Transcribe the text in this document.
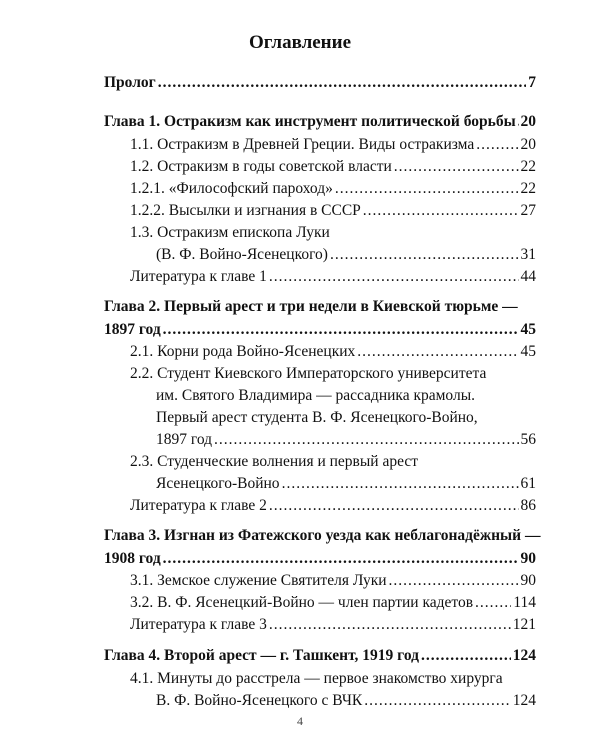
Оглавление
Пролог .....	7
Глава 1. Остракизм как инструмент политической борьбы ..... 20
1.1. Остракизм в Древней Греции. Виды остракизма .....	20
1.2. Остракизм в годы советской власти .....	22
1.2.1. «Философский пароход» .....	22
1.2.2. Высылки и изгнания в СССР .....	27
1.3. Остракизм епископа Луки
(В. Ф. Войно-Ясенецкого) .....	31
Литература к главе 1 .....	44
Глава 2. Первый арест и три недели в Киевской тюрьме —
1897 год .....	45
2.1. Корни рода Войно-Ясенецких .....	45
2.2. Студент Киевского Императорского университета
им. Святого Владимира — рассадника крамолы.
Первый арест студента В. Ф. Ясенецкого-Войно,
1897 год .....	56
2.3. Студенческие волнения и первый арест
Ясенецкого-Войно .....	61
Литература к главе 2 .....	86
Глава 3. Изгнан из Фатежского уезда как неблагонадёжный —
1908 год .....	90
3.1. Земское служение Святителя Луки .....	90
3.2. В. Ф. Ясенецкий-Войно — член партии кадетов .....	114
Литература к главе 3 .....	121
Глава 4. Второй арест — г. Ташкент, 1919 год .....	124
4.1. Минуты до расстрела — первое знакомство хирурга
В. Ф. Войно-Ясенецкого с ВЧК .....	124
4
